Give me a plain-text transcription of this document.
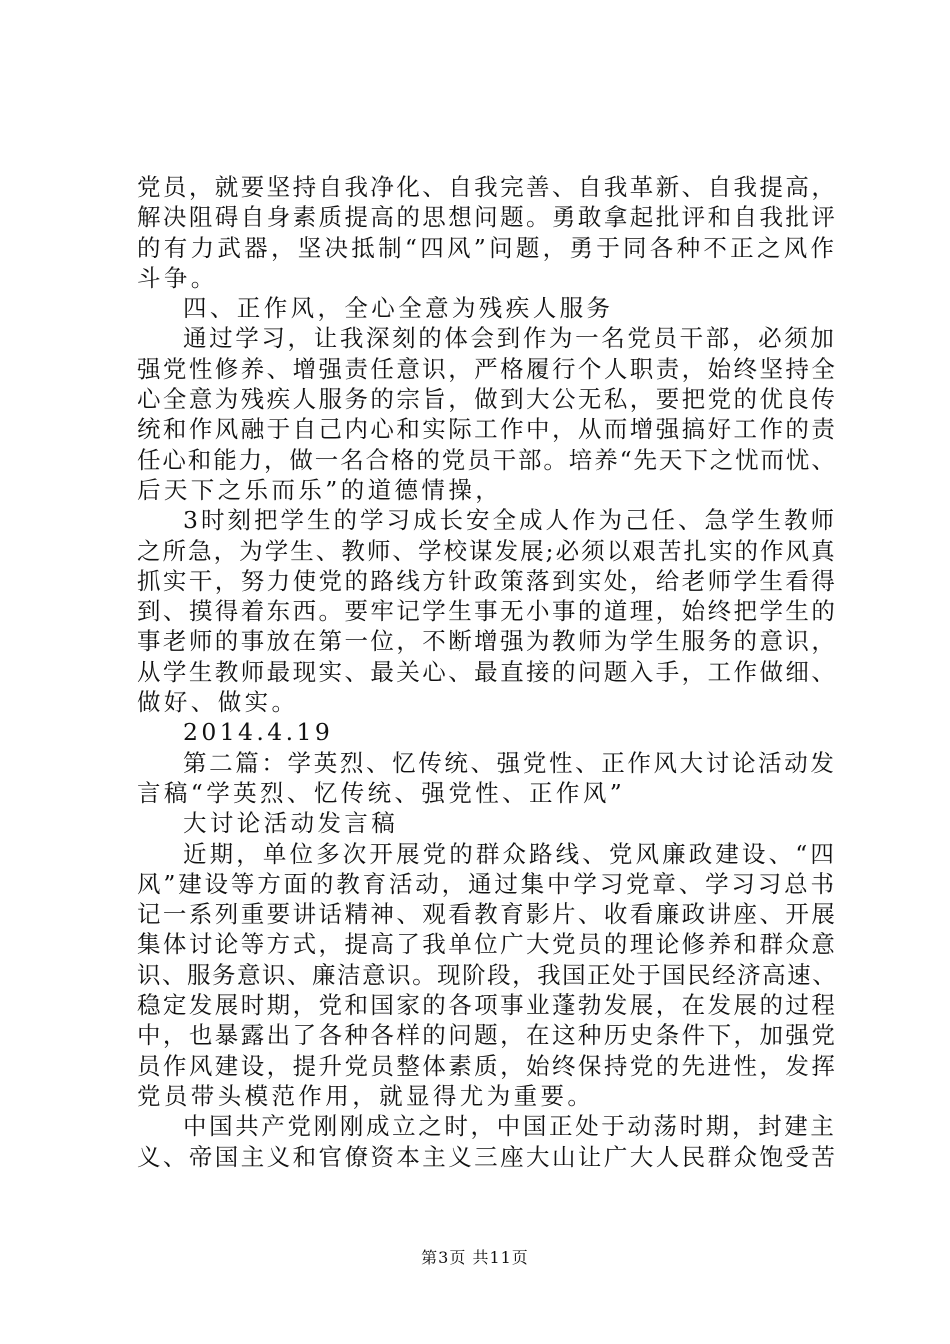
党员，就要坚持自我净化、自我完善、自我革新、自我提高，
解决阻碍自身素质提高的思想问题。勇敢拿起批评和自我批评
的有力武器，坚决抵制“四风”问题，勇于同各种不正之风作
斗争。
四、正作风，全心全意为残疾人服务
通过学习，让我深刻的体会到作为一名党员干部，必须加
强党性修养、增强责任意识，严格履行个人职责，始终坚持全
心全意为残疾人服务的宗旨，做到大公无私，要把党的优良传
统和作风融于自己内心和实际工作中，从而增强搞好工作的责
任心和能力，做一名合格的党员干部。培养“先天下之忧而忧、
后天下之乐而乐”的道德情操，
3时刻把学生的学习成长安全成人作为己任、急学生教师
之所急，为学生、教师、学校谋发展;必须以艰苦扎实的作风真
抓实干，努力使党的路线方针政策落到实处，给老师学生看得
到、摸得着东西。要牢记学生事无小事的道理，始终把学生的
事老师的事放在第一位，不断增强为教师为学生服务的意识，
从学生教师最现实、最关心、最直接的问题入手，工作做细、
做好、做实。
2014.4.19
第二篇：学英烈、忆传统、强党性、正作风大讨论活动发
言稿“学英烈、忆传统、强党性、正作风”
大讨论活动发言稿
近期，单位多次开展党的群众路线、党风廉政建设、“四
风”建设等方面的教育活动，通过集中学习党章、学习习总书
记一系列重要讲话精神、观看教育影片、收看廉政讲座、开展
集体讨论等方式，提高了我单位广大党员的理论修养和群众意
识、服务意识、廉洁意识。现阶段，我国正处于国民经济高速、
稳定发展时期，党和国家的各项事业蓬勃发展，在发展的过程
中，也暴露出了各种各样的问题，在这种历史条件下，加强党
员作风建设，提升党员整体素质，始终保持党的先进性，发挥
党员带头模范作用，就显得尤为重要。
中国共产党刚刚成立之时，中国正处于动荡时期，封建主
义、帝国主义和官僚资本主义三座大山让广大人民群众饱受苦
第3页 共11页
